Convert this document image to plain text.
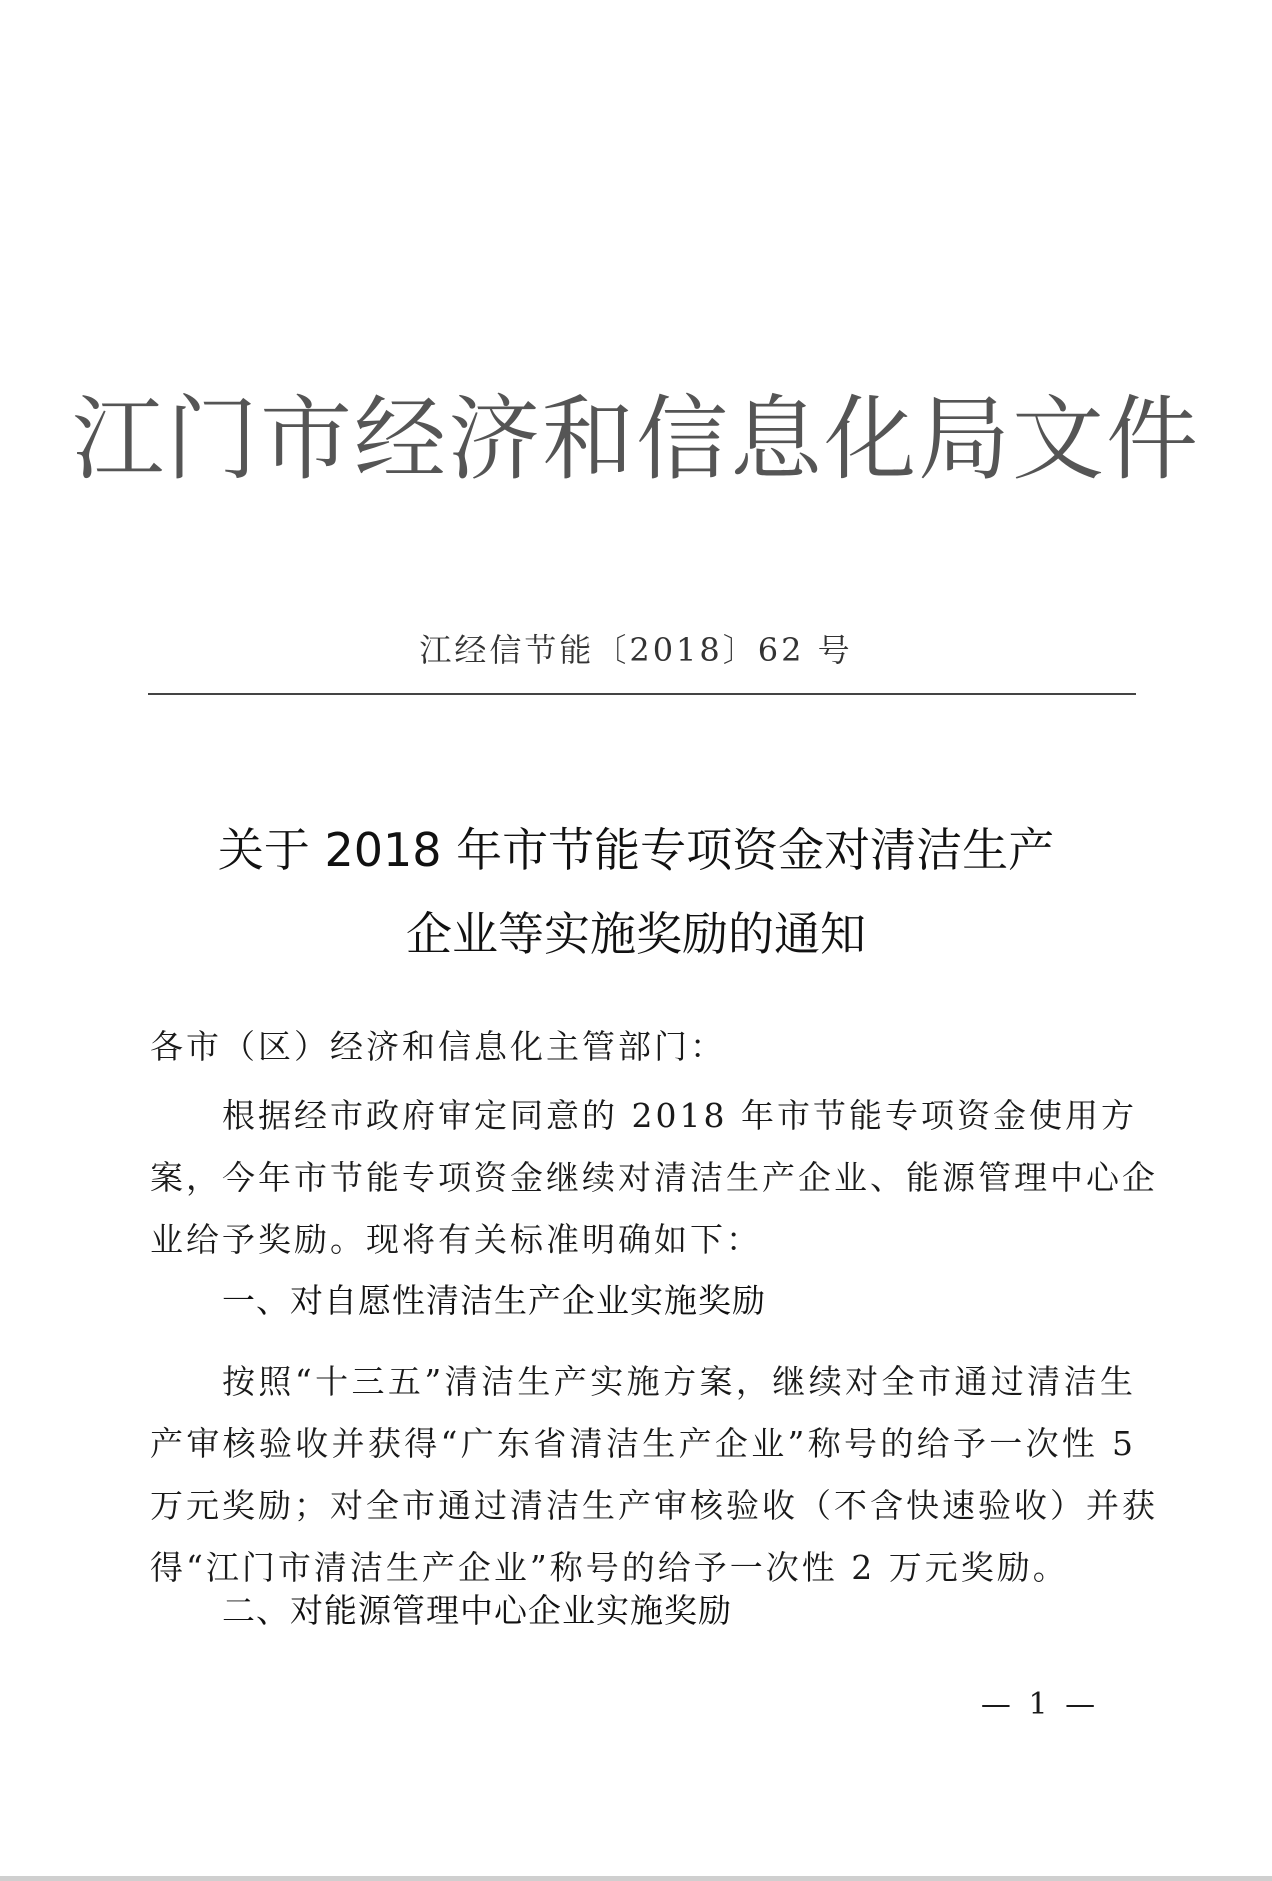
江门市经济和信息化局文件
江经信节能〔2018〕62 号
关于 2018 年市节能专项资金对清洁生产
企业等实施奖励的通知
各市（区）经济和信息化主管部门：
根据经市政府审定同意的 2018 年市节能专项资金使用方
案，今年市节能专项资金继续对清洁生产企业、能源管理中心企
业给予奖励。现将有关标准明确如下：
一、对自愿性清洁生产企业实施奖励
按照“十三五”清洁生产实施方案，继续对全市通过清洁生
产审核验收并获得“广东省清洁生产企业”称号的给予一次性 5
万元奖励；对全市通过清洁生产审核验收（不含快速验收）并获
得“江门市清洁生产企业”称号的给予一次性 2 万元奖励。
二、对能源管理中心企业实施奖励
— 1 —
